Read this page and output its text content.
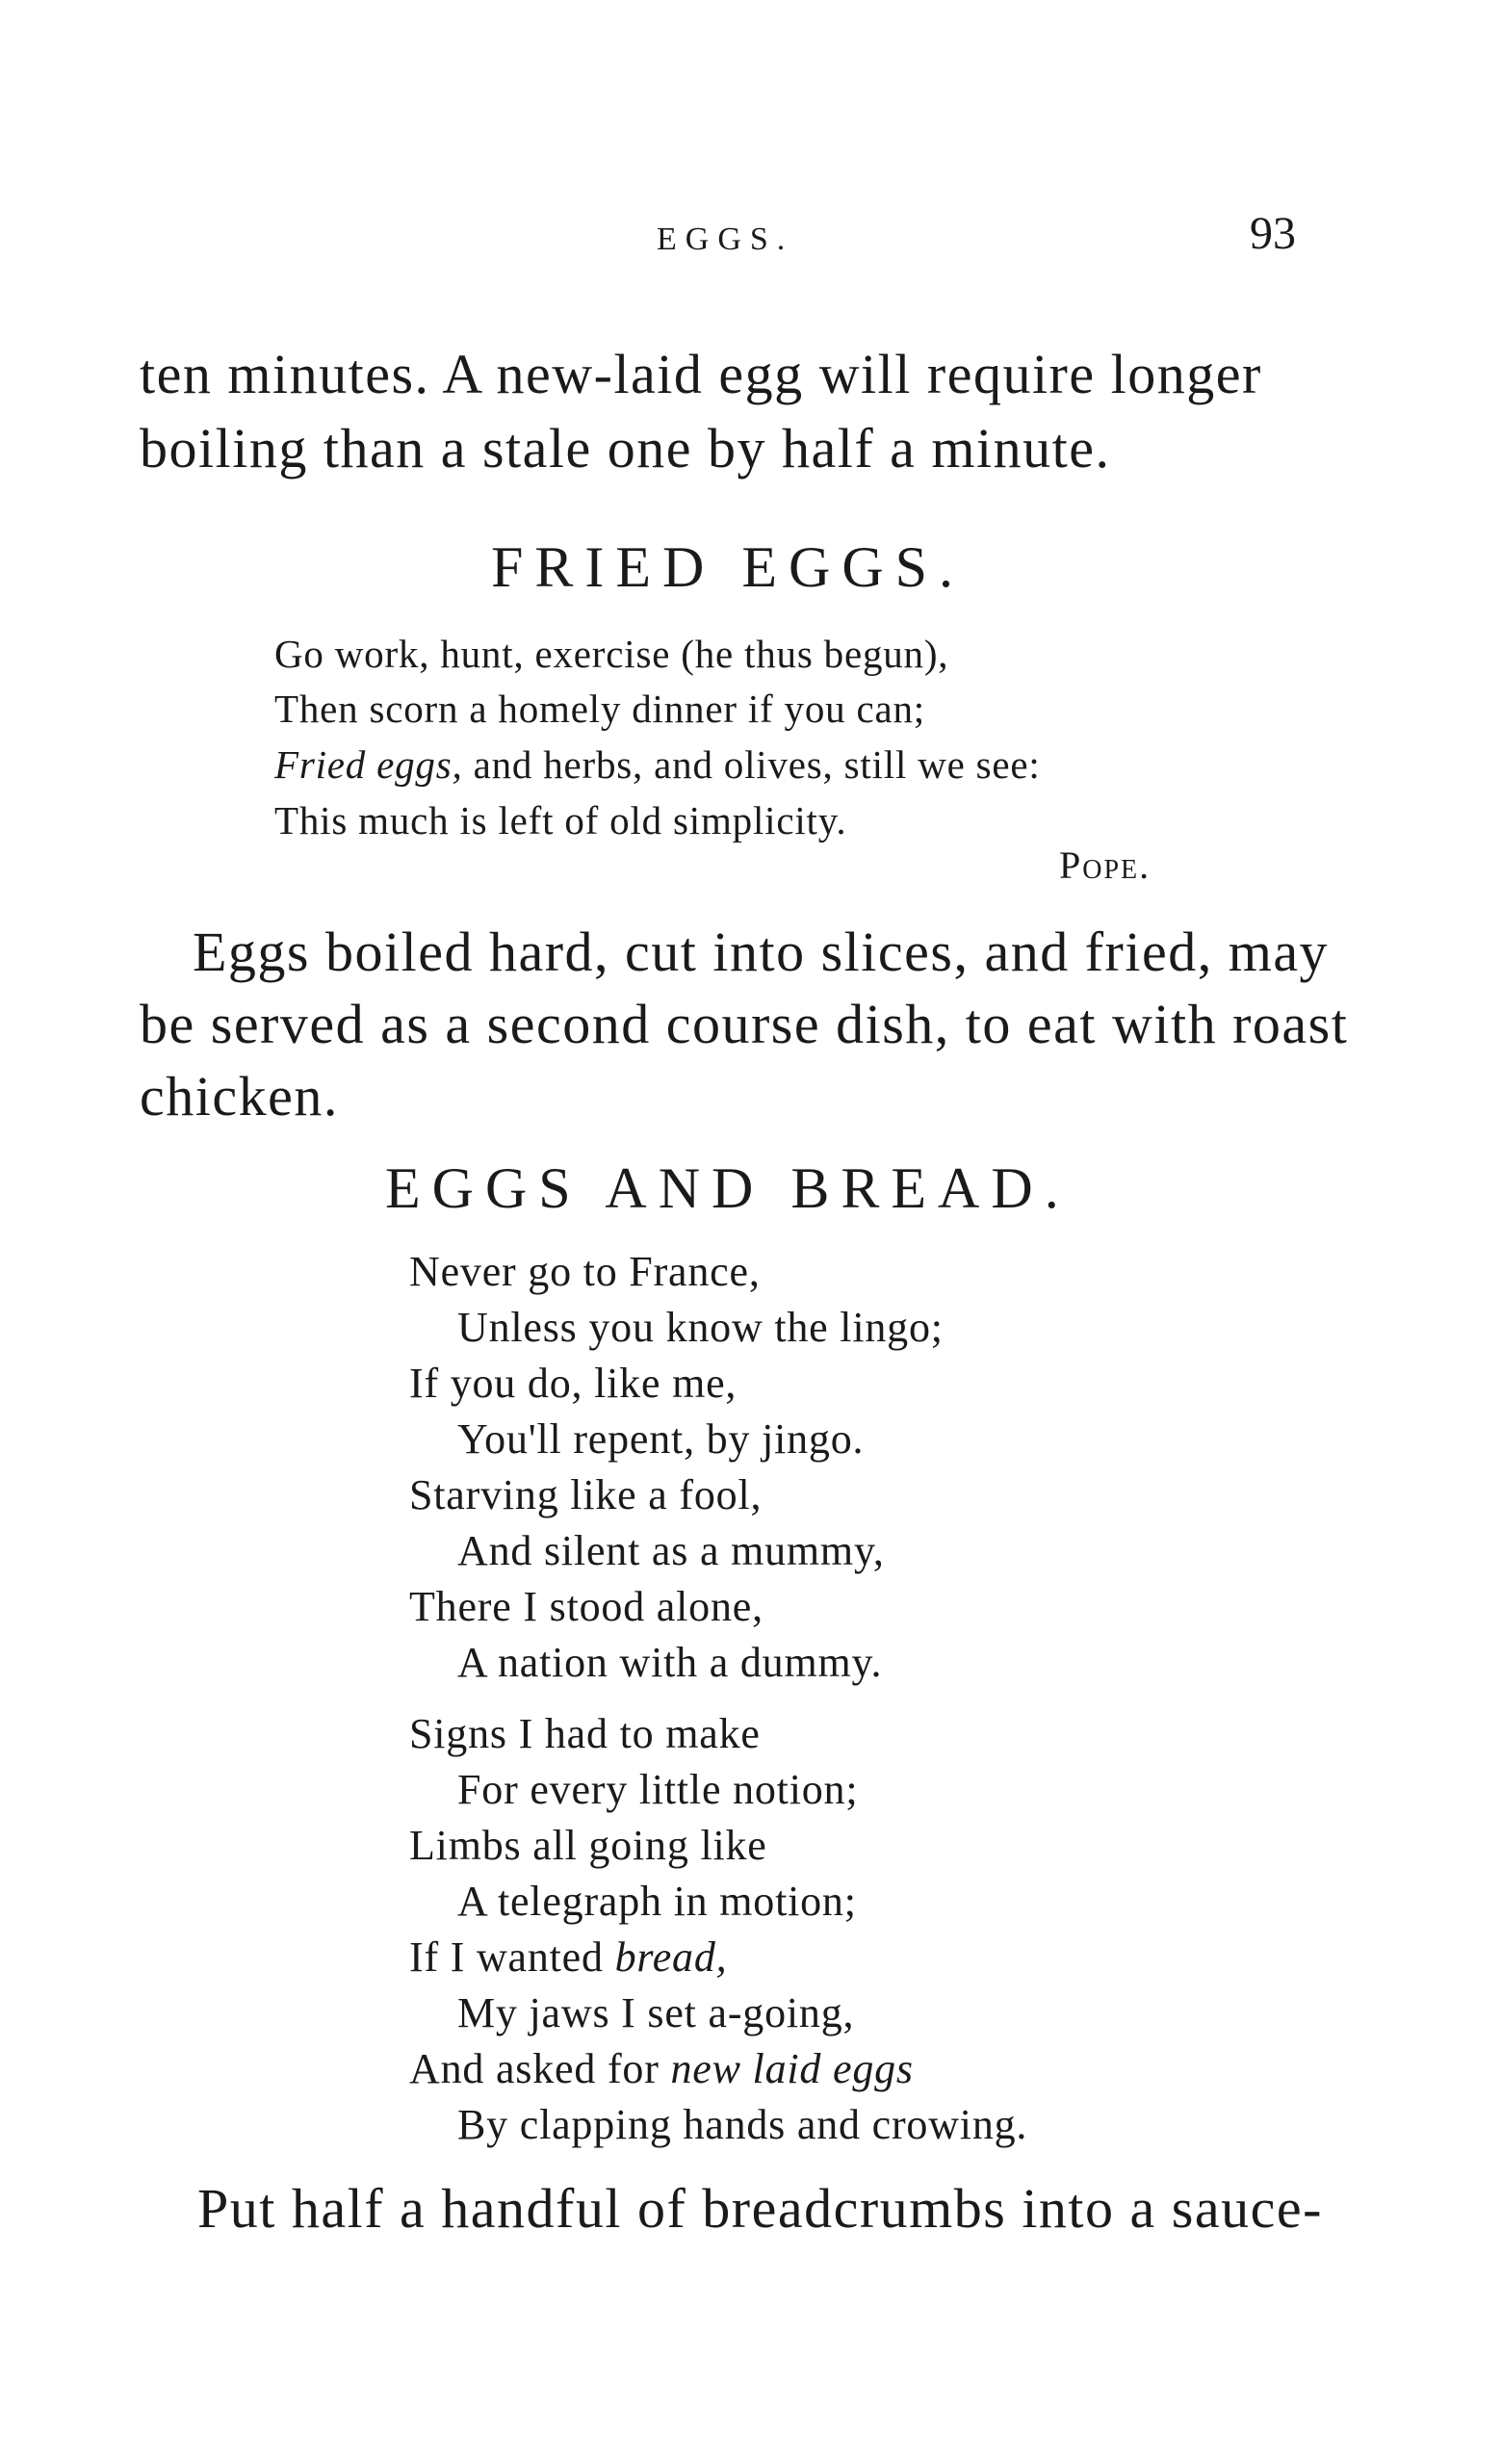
EGGS.	93
ten minutes. A new-laid egg will require longer
boiling than a stale one by half a minute.
FRIED EGGS.
Go work, hunt, exercise (he thus begun),
Then scorn a homely dinner if you can;
Fried eggs, and herbs, and olives, still we see:
This much is left of old simplicity.
Pope.
Eggs boiled hard, cut into slices, and fried, may
be served as a second course dish, to eat with roast
chicken.
EGGS AND BREAD.
Never go to France,
Unless you know the lingo;
If you do, like me,
You'll repent, by jingo.
Starving like a fool,
And silent as a mummy,
There I stood alone,
A nation with a dummy.
Signs I had to make
For every little notion;
Limbs all going like
A telegraph in motion;
If I wanted bread,
My jaws I set a-going,
And asked for new laid eggs
By clapping hands and crowing.
Put half a handful of breadcrumbs into a sauce-
